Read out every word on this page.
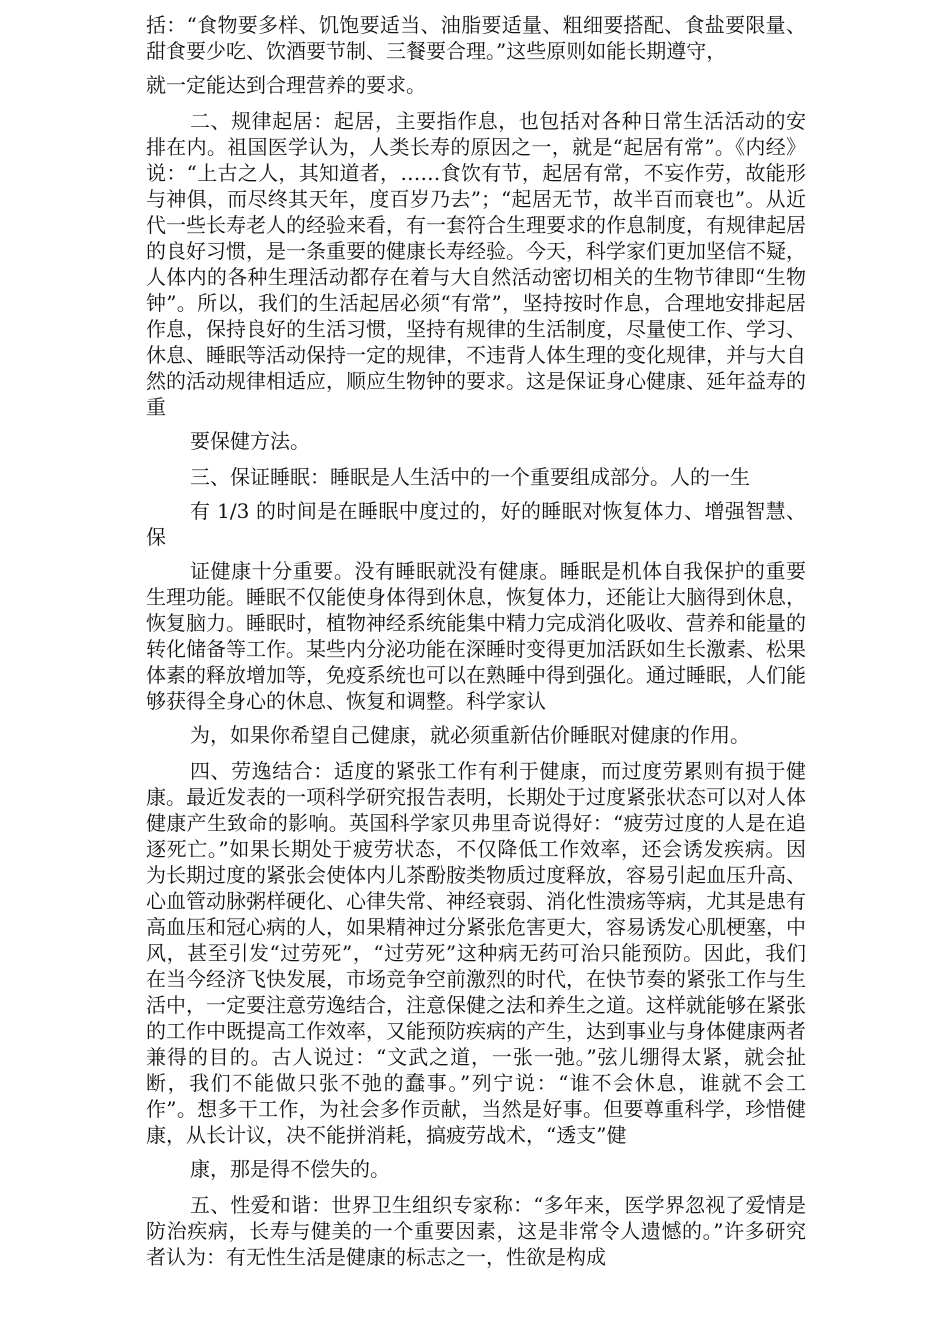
括：“食物要多样、饥饱要适当、油脂要适量、粗细要搭配、食盐要限量、甜食要少吃、饮酒要节制、三餐要合理。”这些原则如能长期遵守，
就一定能达到合理营养的要求。

二、规律起居：起居，主要指作息，也包括对各种日常生活活动的安排在内。祖国医学认为，人类长寿的原因之一，就是“起居有常”。《内经》说：“上古之人，其知道者，……食饮有节，起居有常，不妄作劳，故能形与神俱，而尽终其天年，度百岁乃去”；“起居无节，故半百而衰也”。从近代一些长寿老人的经验来看，有一套符合生理要求的作息制度，有规律起居的良好习惯，是一条重要的健康长寿经验。今天，科学家们更加坚信不疑，人体内的各种生理活动都存在着与大自然活动密切相关的生物节律即“生物钟”。所以，我们的生活起居必须“有常”，坚持按时作息，合理地安排起居作息，保持良好的生活习惯，坚持有规律的生活制度，尽量使工作、学习、休息、睡眠等活动保持一定的规律，不违背人体生理的变化规律，并与大自然的活动规律相适应，顺应生物钟的要求。这是保证身心健康、延年益寿的重
要保健方法。

三、保证睡眠：睡眠是人生活中的一个重要组成部分。人的一生
有 1/3 的时间是在睡眠中度过的，好的睡眠对恢复体力、增强智慧、保
证健康十分重要。没有睡眠就没有健康。睡眠是机体自我保护的重要生理功能。睡眠不仅能使身体得到休息，恢复体力，还能让大脑得到休息，恢复脑力。睡眠时，植物神经系统能集中精力完成消化吸收、营养和能量的转化储备等工作。某些内分泌功能在深睡时变得更加活跃如生长激素、松果体素的释放增加等，免疫系统也可以在熟睡中得到强化。通过睡眠，人们能够获得全身心的休息、恢复和调整。科学家认
为，如果你希望自己健康，就必须重新估价睡眠对健康的作用。

四、劳逸结合：适度的紧张工作有利于健康，而过度劳累则有损于健康。最近发表的一项科学研究报告表明，长期处于过度紧张状态可以对人体健康产生致命的影响。英国科学家贝弗里奇说得好：“疲劳过度的人是在追逐死亡。”如果长期处于疲劳状态，不仅降低工作效率，还会诱发疾病。因为长期过度的紧张会使体内儿茶酚胺类物质过度释放，容易引起血压升高、心血管动脉粥样硬化、心律失常、神经衰弱、消化性溃疡等病，尤其是患有高血压和冠心病的人，如果精神过分紧张危害更大，容易诱发心肌梗塞，中风，甚至引发“过劳死”，“过劳死”这种病无药可治只能预防。因此，我们在当今经济飞快发展，市场竞争空前激烈的时代，在快节奏的紧张工作与生活中，一定要注意劳逸结合，注意保健之法和养生之道。这样就能够在紧张的工作中既提高工作效率，又能预防疾病的产生，达到事业与身体健康两者兼得的目的。古人说过：“文武之道，一张一弛。”弦儿绷得太紧，就会扯断，我们不能做只张不弛的蠢事。”列宁说：“谁不会休息，谁就不会工作”。想多干工作，为社会多作贡献，当然是好事。但要尊重科学，珍惜健康，从长计议，决不能拼消耗，搞疲劳战术，“透支”健
康，那是得不偿失的。

五、性爱和谐：世界卫生组织专家称：“多年来，医学界忽视了爱情是防治疾病，长寿与健美的一个重要因素，这是非常令人遗憾的。”许多研究者认为：有无性生活是健康的标志之一，性欲是构成
